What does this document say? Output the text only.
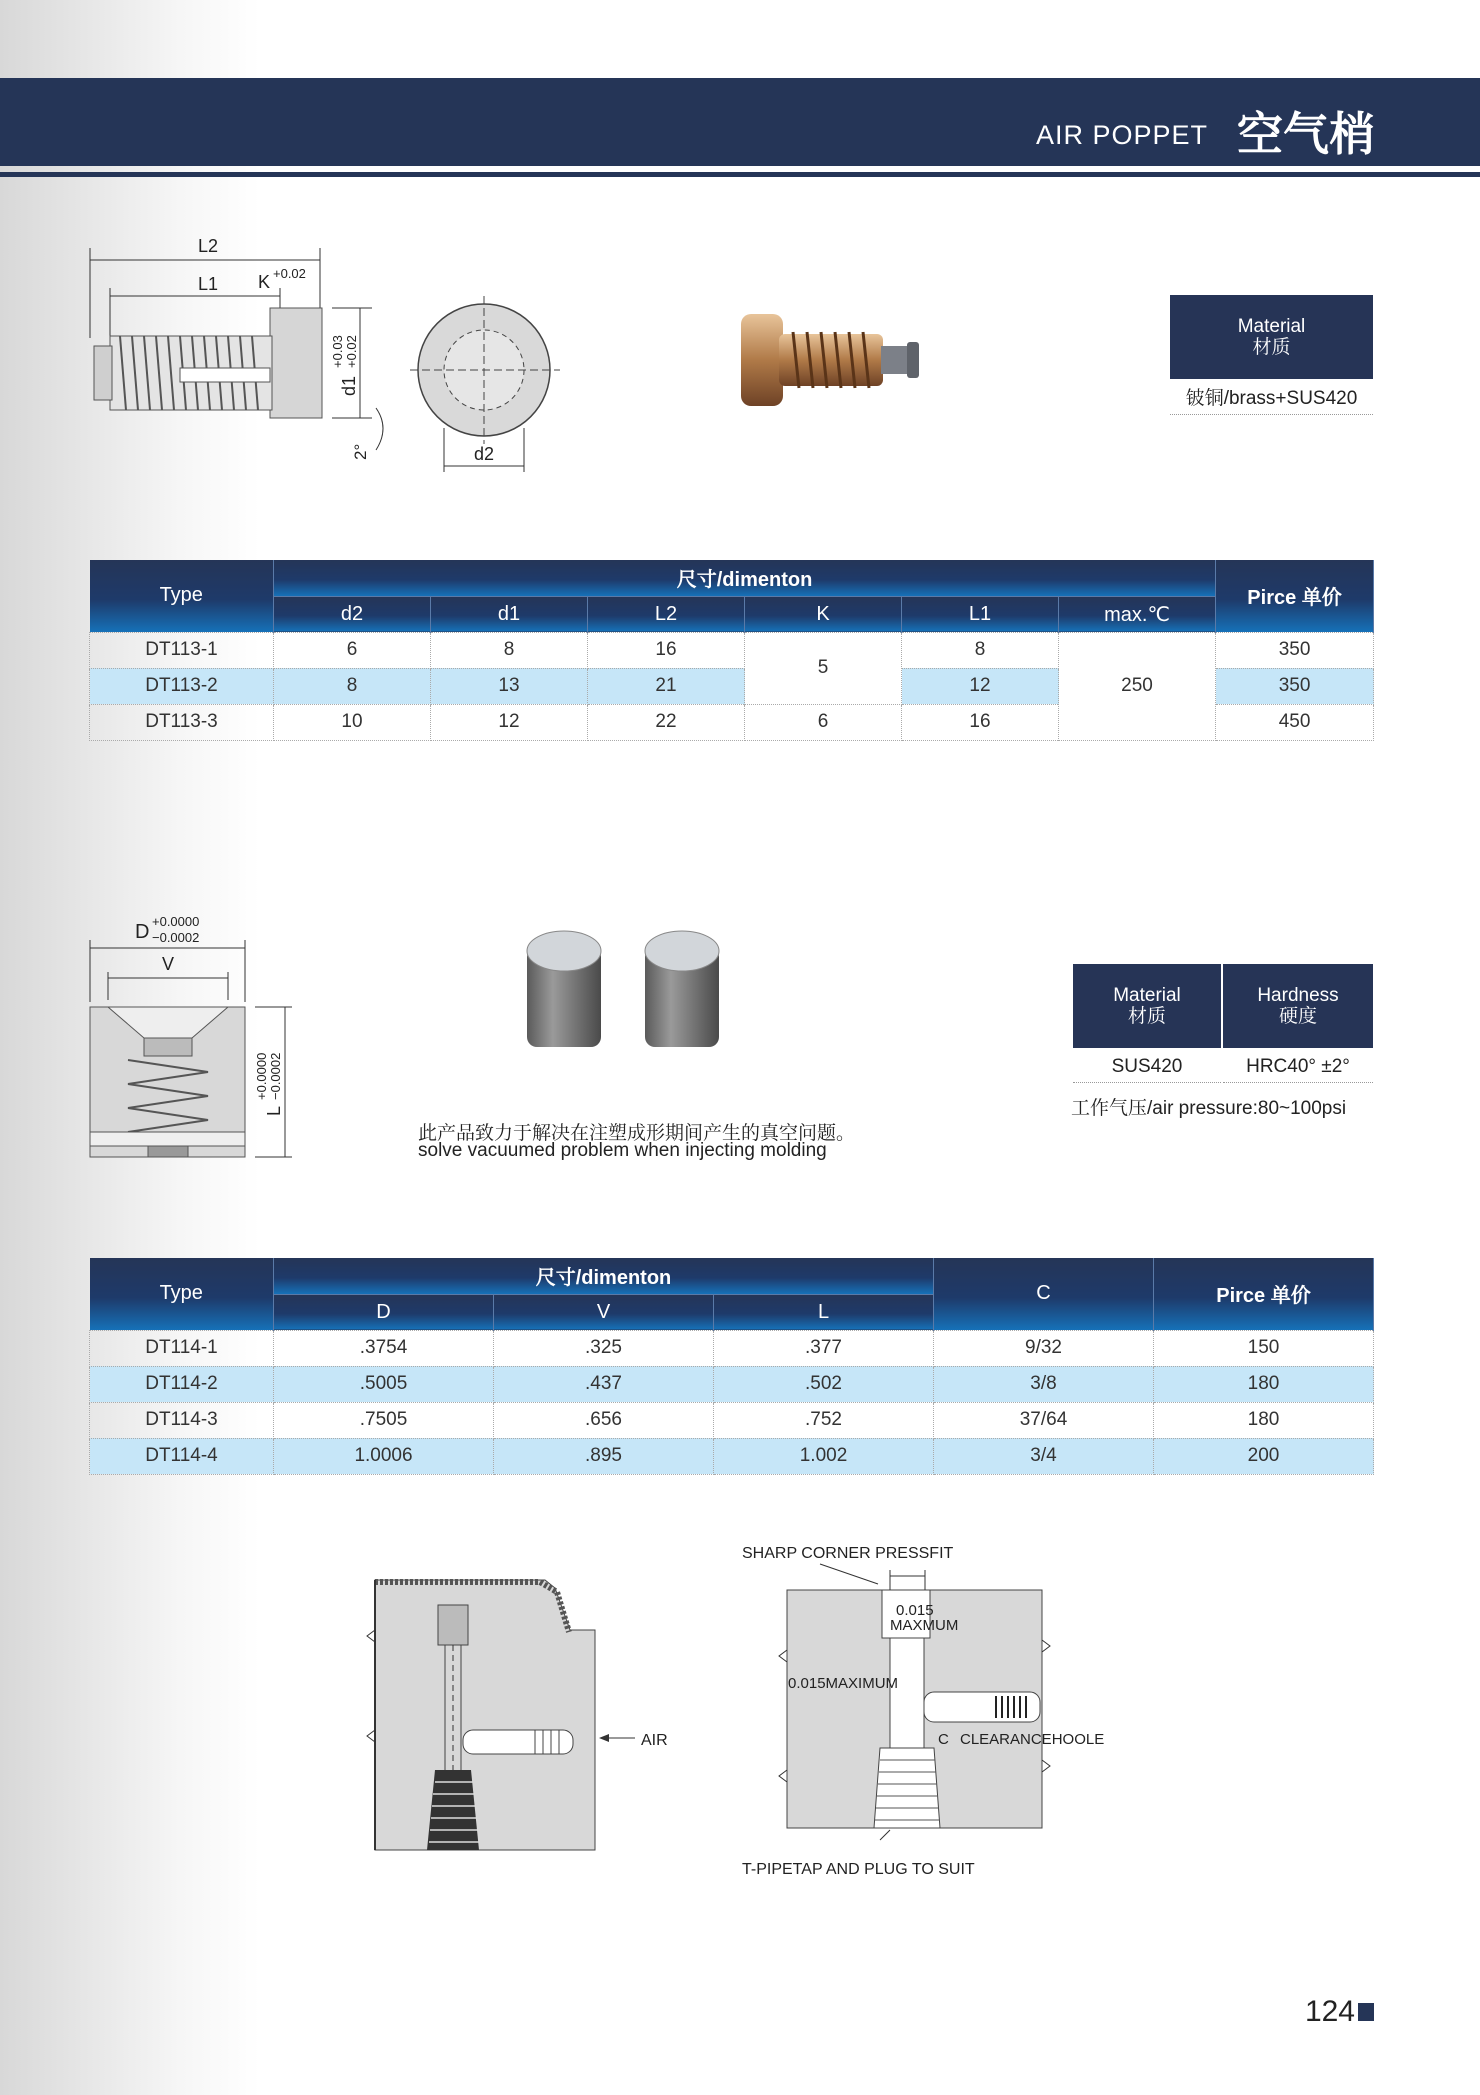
AIR POPPET 空气梢
L2
L1 K +0.02
d1
+0.03 +0.02
2°	d2
Material
材质
铍铜/brass+SUS420
Type	尺寸/dimenton						Pirce 单价
	d2	d1	L2	K	L1	max.℃	
DT113-1	6	8	16	5	8	250	350
DT113-2	8	13	21		12		350
DT113-3	10	12	22	6	16		450
D +0.0000
−0.0002
V
L
+0.0000 −0.0002
此产品致力于解决在注塑成形期间产生的真空问题。
solve vacuumed problem when injecting molding
Material
材质
Hardness
硬度
SUS420	HRC40° ±2°
工作气压/air pressure:80~100psi
Type	尺寸/dimenton			C	Pirce 单价
	D	V	L		
DT114-1	.3754	.325	.377	9/32	150
DT114-2	.5005	.437	.502	3/8	180
DT114-3	.7505	.656	.752	37/64	180
DT114-4	1.0006	.895	1.002	3/4	200
AIR
SHARP CORNER PRESSFIT
0.015
MAXMUM
0.015MAXIMUM
C CLEARANCEHOOLE
T-PIPETAP AND PLUG TO SUIT
124
